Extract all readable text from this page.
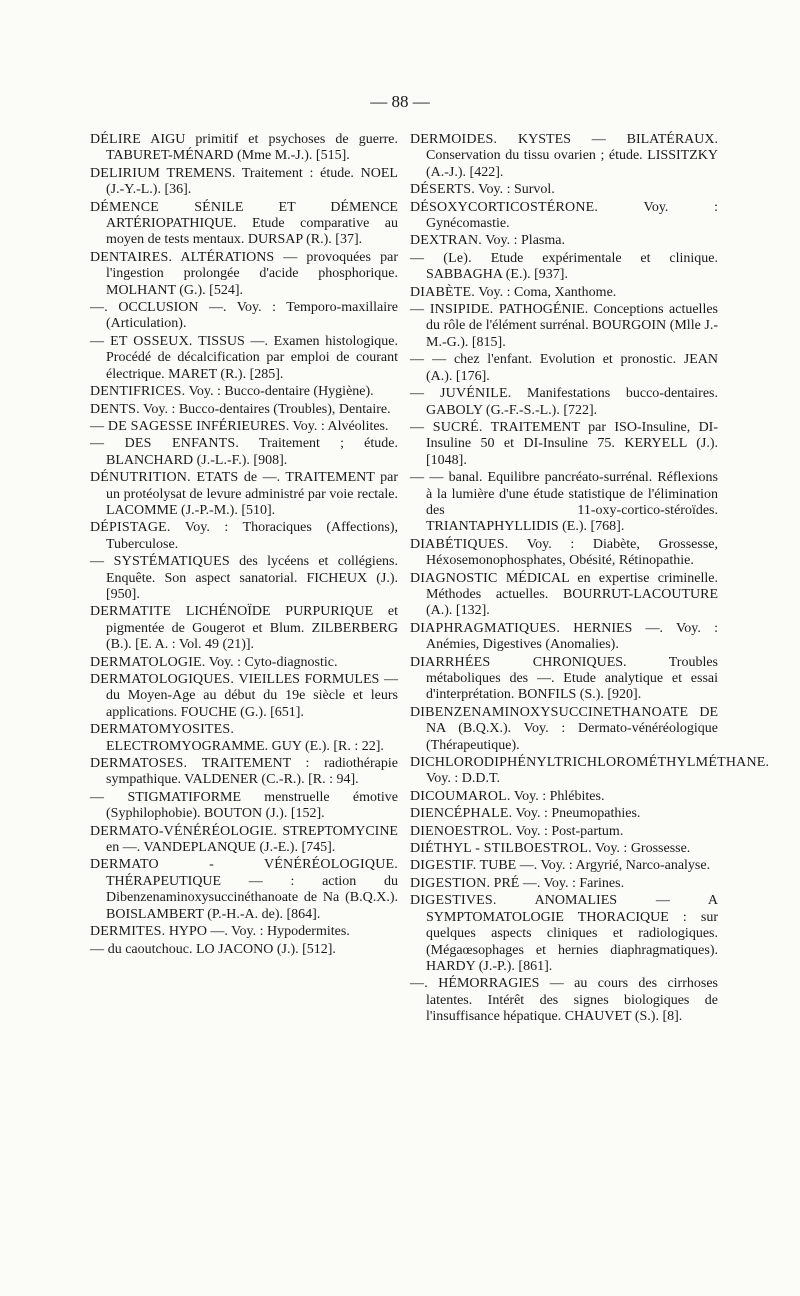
— 88 —

DÉLIRE AIGU primitif et psychoses de guerre. TABURET-MÉNARD (Mme M.-J.). [515].

DELIRIUM TREMENS. Traitement : étude. NOEL (J.-Y.-L.). [36].

DÉMENCE SÉNILE ET DÉMENCE ARTÉRIOPATHIQUE. Etude comparative au moyen de tests mentaux. DURSAP (R.). [37].

DENTAIRES. ALTÉRATIONS — provoquées par l'ingestion prolongée d'acide phosphorique. MOLHANT (G.). [524].

—. OCCLUSION —. Voy. : Temporo-maxillaire (Articulation).

— ET OSSEUX. TISSUS —. Examen histologique. Procédé de décalcification par emploi de courant électrique. MARET (R.). [285].

DENTIFRICES. Voy. : Bucco-dentaire (Hygiène).

DENTS. Voy. : Bucco-dentaires (Troubles), Dentaire.

— DE SAGESSE INFÉRIEURES. Voy. : Alvéolites.

— DES ENFANTS. Traitement ; étude. BLANCHARD (J.-L.-F.). [908].

DÉNUTRITION. ETATS de —. TRAITEMENT par un protéolysat de levure administré par voie rectale. LACOMME (J.-P.-M.). [510].

DÉPISTAGE. Voy. : Thoraciques (Affections), Tuberculose.

— SYSTÉMATIQUES des lycéens et collégiens. Enquête. Son aspect sanatorial. FICHEUX (J.). [950].

DERMATITE LICHÉNOÏDE PURPURIQUE et pigmentée de Gougerot et Blum. ZILBERBERG (B.). [E. A. : Vol. 49 (21)].

DERMATOLOGIE. Voy. : Cyto-diagnostic.

DERMATOLOGIQUES. VIEILLES FORMULES — du Moyen-Age au début du 19e siècle et leurs applications. FOUCHE (G.). [651].

DERMATOMYOSITES. ELECTROMYOGRAMME. GUY (E.). [R. : 22].

DERMATOSES. TRAITEMENT : radiothérapie sympathique. VALDENER (C.-R.). [R. : 94].

— STIGMATIFORME menstruelle émotive (Syphilophobie). BOUTON (J.). [152].

DERMATO-VÉNÉRÉOLOGIE. STREPTOMYCINE en —. VANDEPLANQUE (J.-E.). [745].

DERMATO - VÉNÉRÉOLOGIQUE. THÉRAPEUTIQUE — : action du Dibenzenaminoxysuccinéthanoate de Na (B.Q.X.). BOISLAMBERT (P.-H.-A. de). [864].

DERMITES. HYPO —. Voy. : Hypodermites.

— du caoutchouc. LO JACONO (J.). [512].

DERMOIDES. KYSTES — BILATÉRAUX. Conservation du tissu ovarien ; étude. LISSITZKY (A.-J.). [422].

DÉSERTS. Voy. : Survol.

DÉSOXYCORTICOSTÉRONE. Voy. : Gynécomastie.

DEXTRAN. Voy. : Plasma.

— (Le). Etude expérimentale et clinique. SABBAGHA (E.). [937].

DIABÈTE. Voy. : Coma, Xanthome.

— INSIPIDE. PATHOGÉNIE. Conceptions actuelles du rôle de l'élément surrénal. BOURGOIN (Mlle J.-M.-G.). [815].

— — chez l'enfant. Evolution et pronostic. JEAN (A.). [176].

— JUVÉNILE. Manifestations bucco-dentaires. GABOLY (G.-F.-S.-L.). [722].

— SUCRÉ. TRAITEMENT par ISO-Insuline, DI-Insuline 50 et DI-Insuline 75. KERYELL (J.). [1048].

— — banal. Equilibre pancréato-surrénal. Réflexions à la lumière d'une étude statistique de l'élimination des 11-oxy-cortico-stéroïdes. TRIANTAPHYLLIDIS (E.). [768].

DIABÉTIQUES. Voy. : Diabète, Grossesse, Héxosemonophosphates, Obésité, Rétinopathie.

DIAGNOSTIC MÉDICAL en expertise criminelle. Méthodes actuelles. BOURRUT-LACOUTURE (A.). [132].

DIAPHRAGMATIQUES. HERNIES —. Voy. : Anémies, Digestives (Anomalies).

DIARRHÉES CHRONIQUES. Troubles métaboliques des —. Etude analytique et essai d'interprétation. BONFILS (S.). [920].

DIBENZENAMINOXYSUCCINETHANOATE DE NA (B.Q.X.). Voy. : Dermato-vénéréologique (Thérapeutique).

DICHLORODIPHÉNYLTRICHLOROMÉTHYLMÉTHANE. Voy. : D.D.T.

DICOUMAROL. Voy. : Phlébites.

DIENCÉPHALE. Voy. : Pneumopathies.

DIENOESTROL. Voy. : Post-partum.

DIÉTHYL - STILBOESTROL. Voy. : Grossesse.

DIGESTIF. TUBE —. Voy. : Argyrié, Narco-analyse.

DIGESTION. PRÉ —. Voy. : Farines.

DIGESTIVES. ANOMALIES — A SYMPTOMATOLOGIE THORACIQUE : sur quelques aspects cliniques et radiologiques. (Mégaœsophages et hernies diaphragmatiques). HARDY (J.-P.). [861].

—. HÉMORRAGIES — au cours des cirrhoses latentes. Intérêt des signes biologiques de l'insuffisance hépatique. CHAUVET (S.). [8].
